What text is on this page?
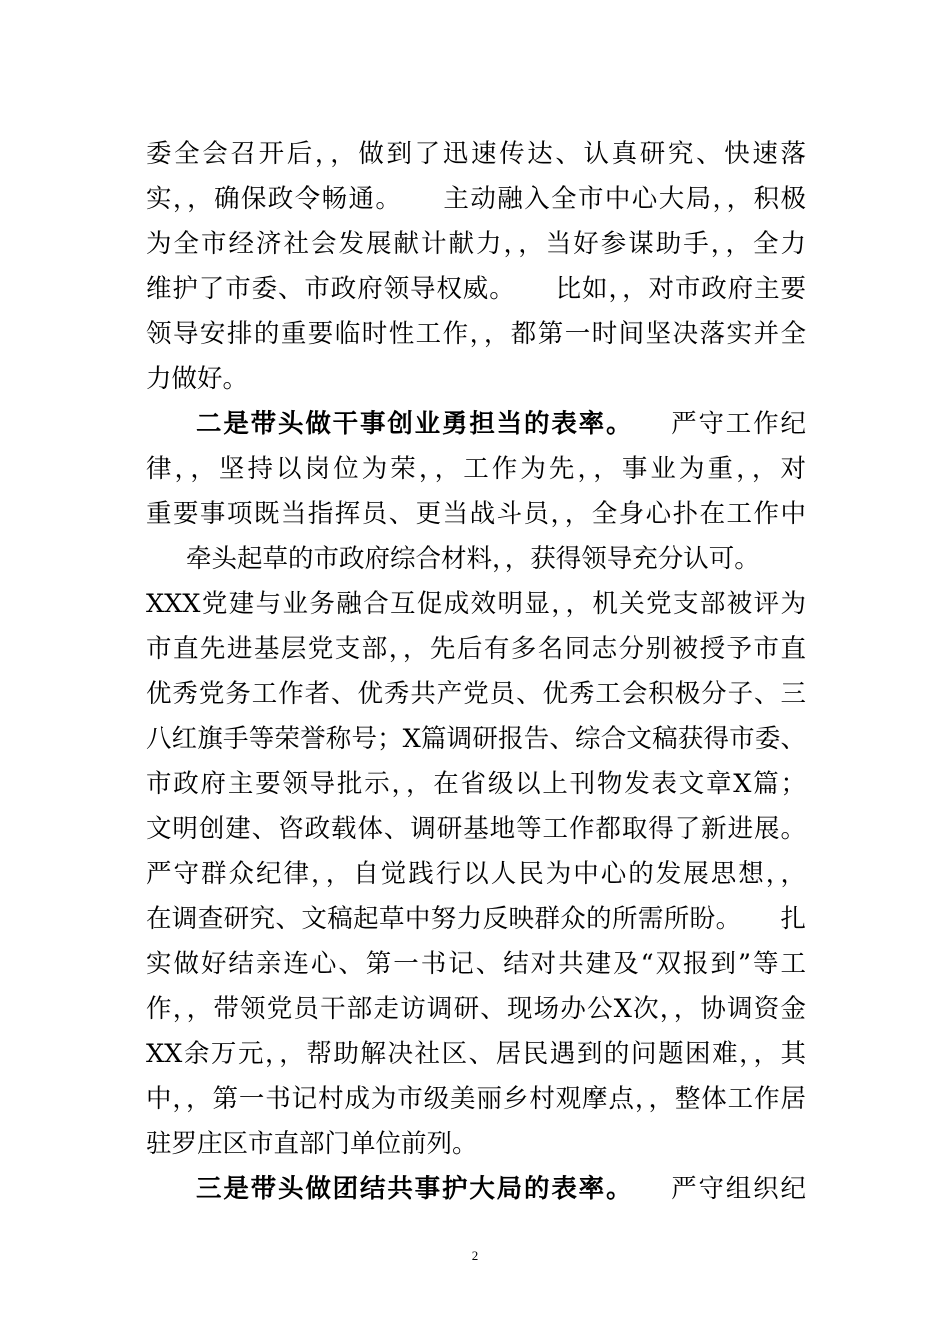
委全会召开后，，做到了迅速传达、认真研究、快速落
实，，确保政令畅通。　　主动融入全市中心大局，，积极
为全市经济社会发展献计献力，，当好参谋助手，，全力
维护了市委、市政府领导权威。　　比如，，对市政府主要
领导安排的重要临时性工作，，都第一时间坚决落实并全
力做好。
二是带头做干事创业勇担当的表率。 严守工作纪
律，，坚持以岗位为荣，，工作为先，，事业为重，，对
重要事项既当指挥员、更当战斗员，，全身心扑在工作中
牵头起草的市政府综合材料，，获得领导充分认可。
XXX党建与业务融合互促成效明显，，机关党支部被评为
市直先进基层党支部，，先后有多名同志分别被授予市直
优秀党务工作者、优秀共产党员、优秀工会积极分子、三
八红旗手等荣誉称号；X篇调研报告、综合文稿获得市委、
市政府主要领导批示，，在省级以上刊物发表文章X篇；
文明创建、咨政载体、调研基地等工作都取得了新进展。
严守群众纪律，，自觉践行以人民为中心的发展思想，，
在调查研究、文稿起草中努力反映群众的所需所盼。　　扎
实做好结亲连心、第一书记、结对共建及“双报到”等工
作，，带领党员干部走访调研、现场办公X次，，协调资金
XX余万元，，帮助解决社区、居民遇到的问题困难，，其
中，，第一书记村成为市级美丽乡村观摩点，，整体工作居
驻罗庄区市直部门单位前列。
三是带头做团结共事护大局的表率。 严守组织纪
2
